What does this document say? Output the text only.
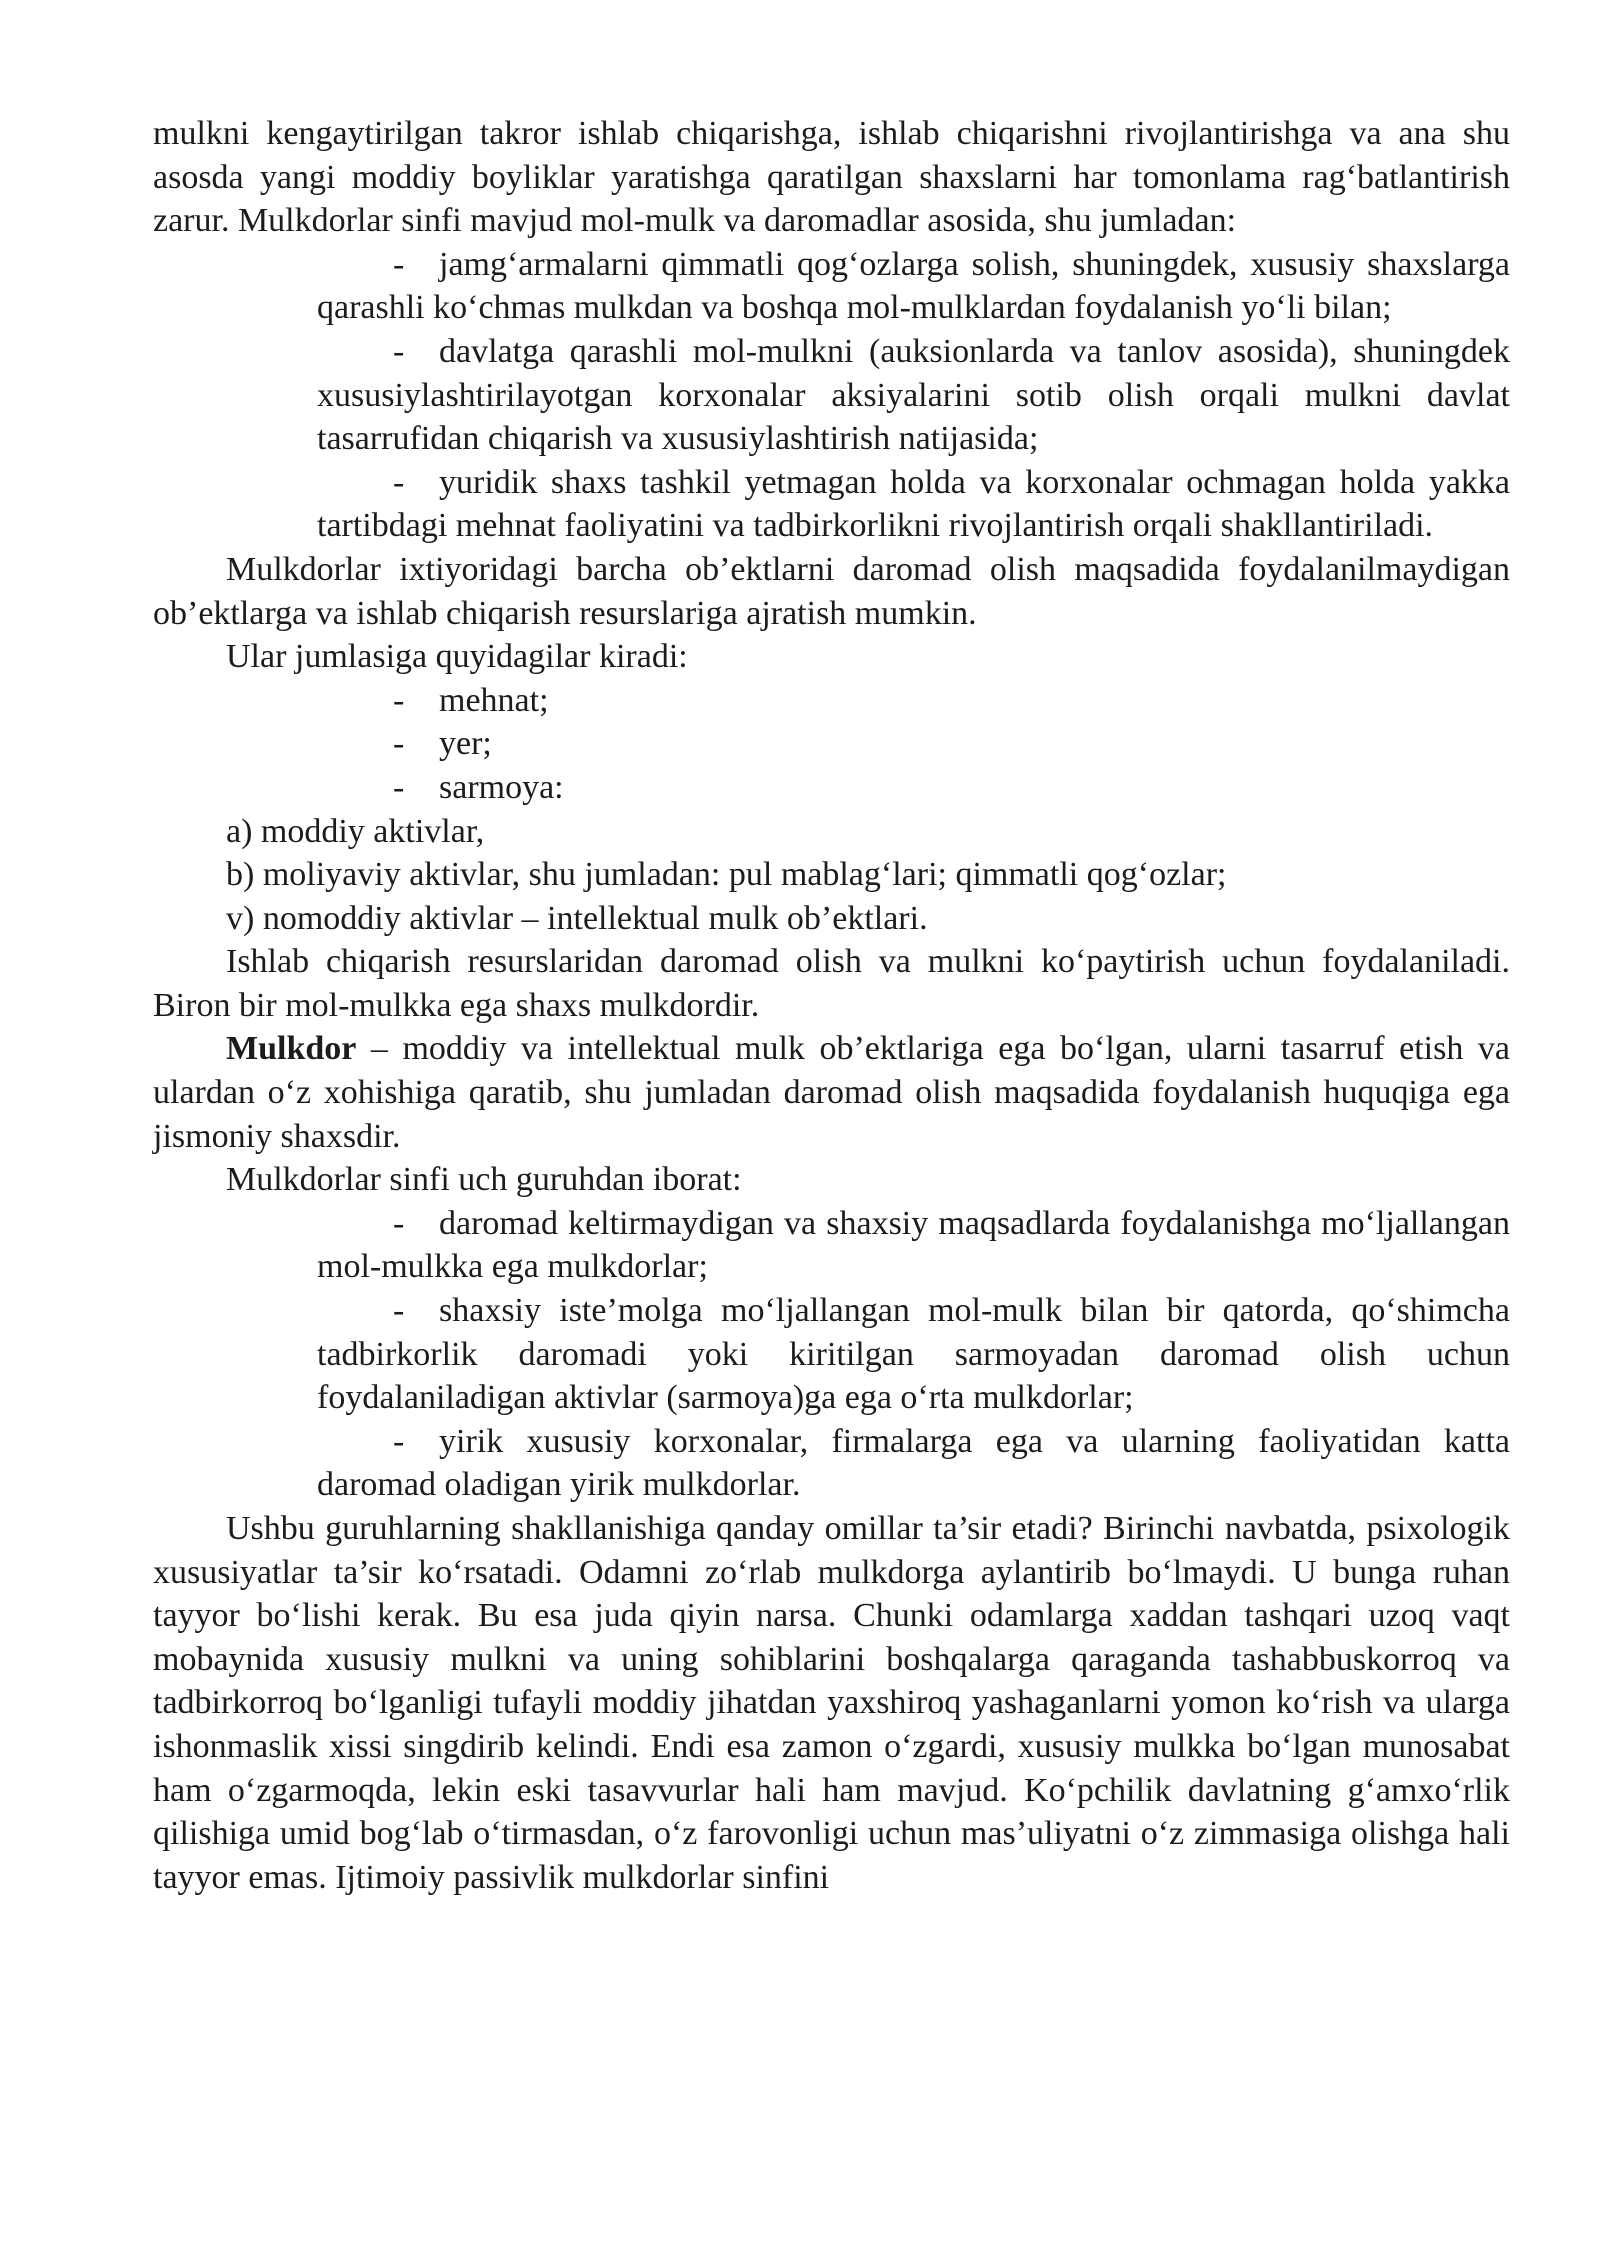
mulkni kengaytirilgan takror ishlab chiqarishga, ishlab chiqarishni rivojlantirishga va ana shu asosda yangi moddiy boyliklar yaratishga qaratilgan shaxslarni har tomonlama rag‘batlantirish zarur. Mulkdorlar sinfi mavjud mol-mulk va daromadlar asosida, shu jumladan:

- jamg‘armalarni qimmatli qog‘ozlarga solish, shuningdek, xususiy shaxslarga qarashli ko‘chmas mulkdan va boshqa mol-mulklardan foydalanish yo‘li bilan;

- davlatga qarashli mol-mulkni (auksionlarda va tanlov asosida), shuningdek xususiylashtirilayotgan korxonalar aksiyalarini sotib olish orqali mulkni davlat tasarrufidan chiqarish va xususiylashtirish natijasida;

- yuridik shaxs tashkil yetmagan holda va korxonalar ochmagan holda yakka tartibdagi mehnat faoliyatini va tadbirkorlikni rivojlantirish orqali shakllantiriladi.

Mulkdorlar ixtiyoridagi barcha ob’ektlarni daromad olish maqsadida foydalanilmaydigan ob’ektlarga va ishlab chiqarish resurslariga ajratish mumkin.

Ular jumlasiga quyidagilar kiradi:

- mehnat;

- yer;

- sarmoya:

a) moddiy aktivlar,

b) moliyaviy aktivlar, shu jumladan: pul mablag‘lari; qimmatli qog‘ozlar;

v) nomoddiy aktivlar – intellektual mulk ob’ektlari.

Ishlab chiqarish resurslaridan daromad olish va mulkni ko‘paytirish uchun foydalaniladi. Biron bir mol-mulkka ega shaxs mulkdordir.

Mulkdor – moddiy va intellektual mulk ob’ektlariga ega bo‘lgan, ularni tasarruf etish va ulardan o‘z xohishiga qaratib, shu jumladan daromad olish maqsadida foydalanish huquqiga ega jismoniy shaxsdir.

Mulkdorlar sinfi uch guruhdan iborat:

- daromad keltirmaydigan va shaxsiy maqsadlarda foydalanishga mo‘ljallangan mol-mulkka ega mulkdorlar;

- shaxsiy iste’molga mo‘ljallangan mol-mulk bilan bir qatorda, qo‘shimcha tadbirkorlik daromadi yoki kiritilgan sarmoyadan daromad olish uchun foydalaniladigan aktivlar (sarmoya)ga ega o‘rta mulkdorlar;

- yirik xususiy korxonalar, firmalarga ega va ularning faoliyatidan katta daromad oladigan yirik mulkdorlar.

Ushbu guruhlarning shakllanishiga qanday omillar ta’sir etadi? Birinchi navbatda, psixologik xususiyatlar ta’sir ko‘rsatadi. Odamni zo‘rlab mulkdorga aylantirib bo‘lmaydi. U bunga ruhan tayyor bo‘lishi kerak. Bu esa juda qiyin narsa. Chunki odamlarga xaddan tashqari uzoq vaqt mobaynida xususiy mulkni va uning sohiblarini boshqalarga qaraganda tashabbuskorroq va tadbirkorroq bo‘lganligi tufayli moddiy jihatdan yaxshiroq yashaganlarni yomon ko‘rish va ularga ishonmaslik xissi singdirib kelindi. Endi esa zamon o‘zgardi, xususiy mulkka bo‘lgan munosabat ham o‘zgarmoqda, lekin eski tasavvurlar hali ham mavjud. Ko‘pchilik davlatning g‘amxo‘rlik qilishiga umid bog‘lab o‘tirmasdan, o‘z farovonligi uchun mas’uliyatni o‘z zimmasiga olishga hali tayyor emas. Ijtimoiy passivlik mulkdorlar sinfini
